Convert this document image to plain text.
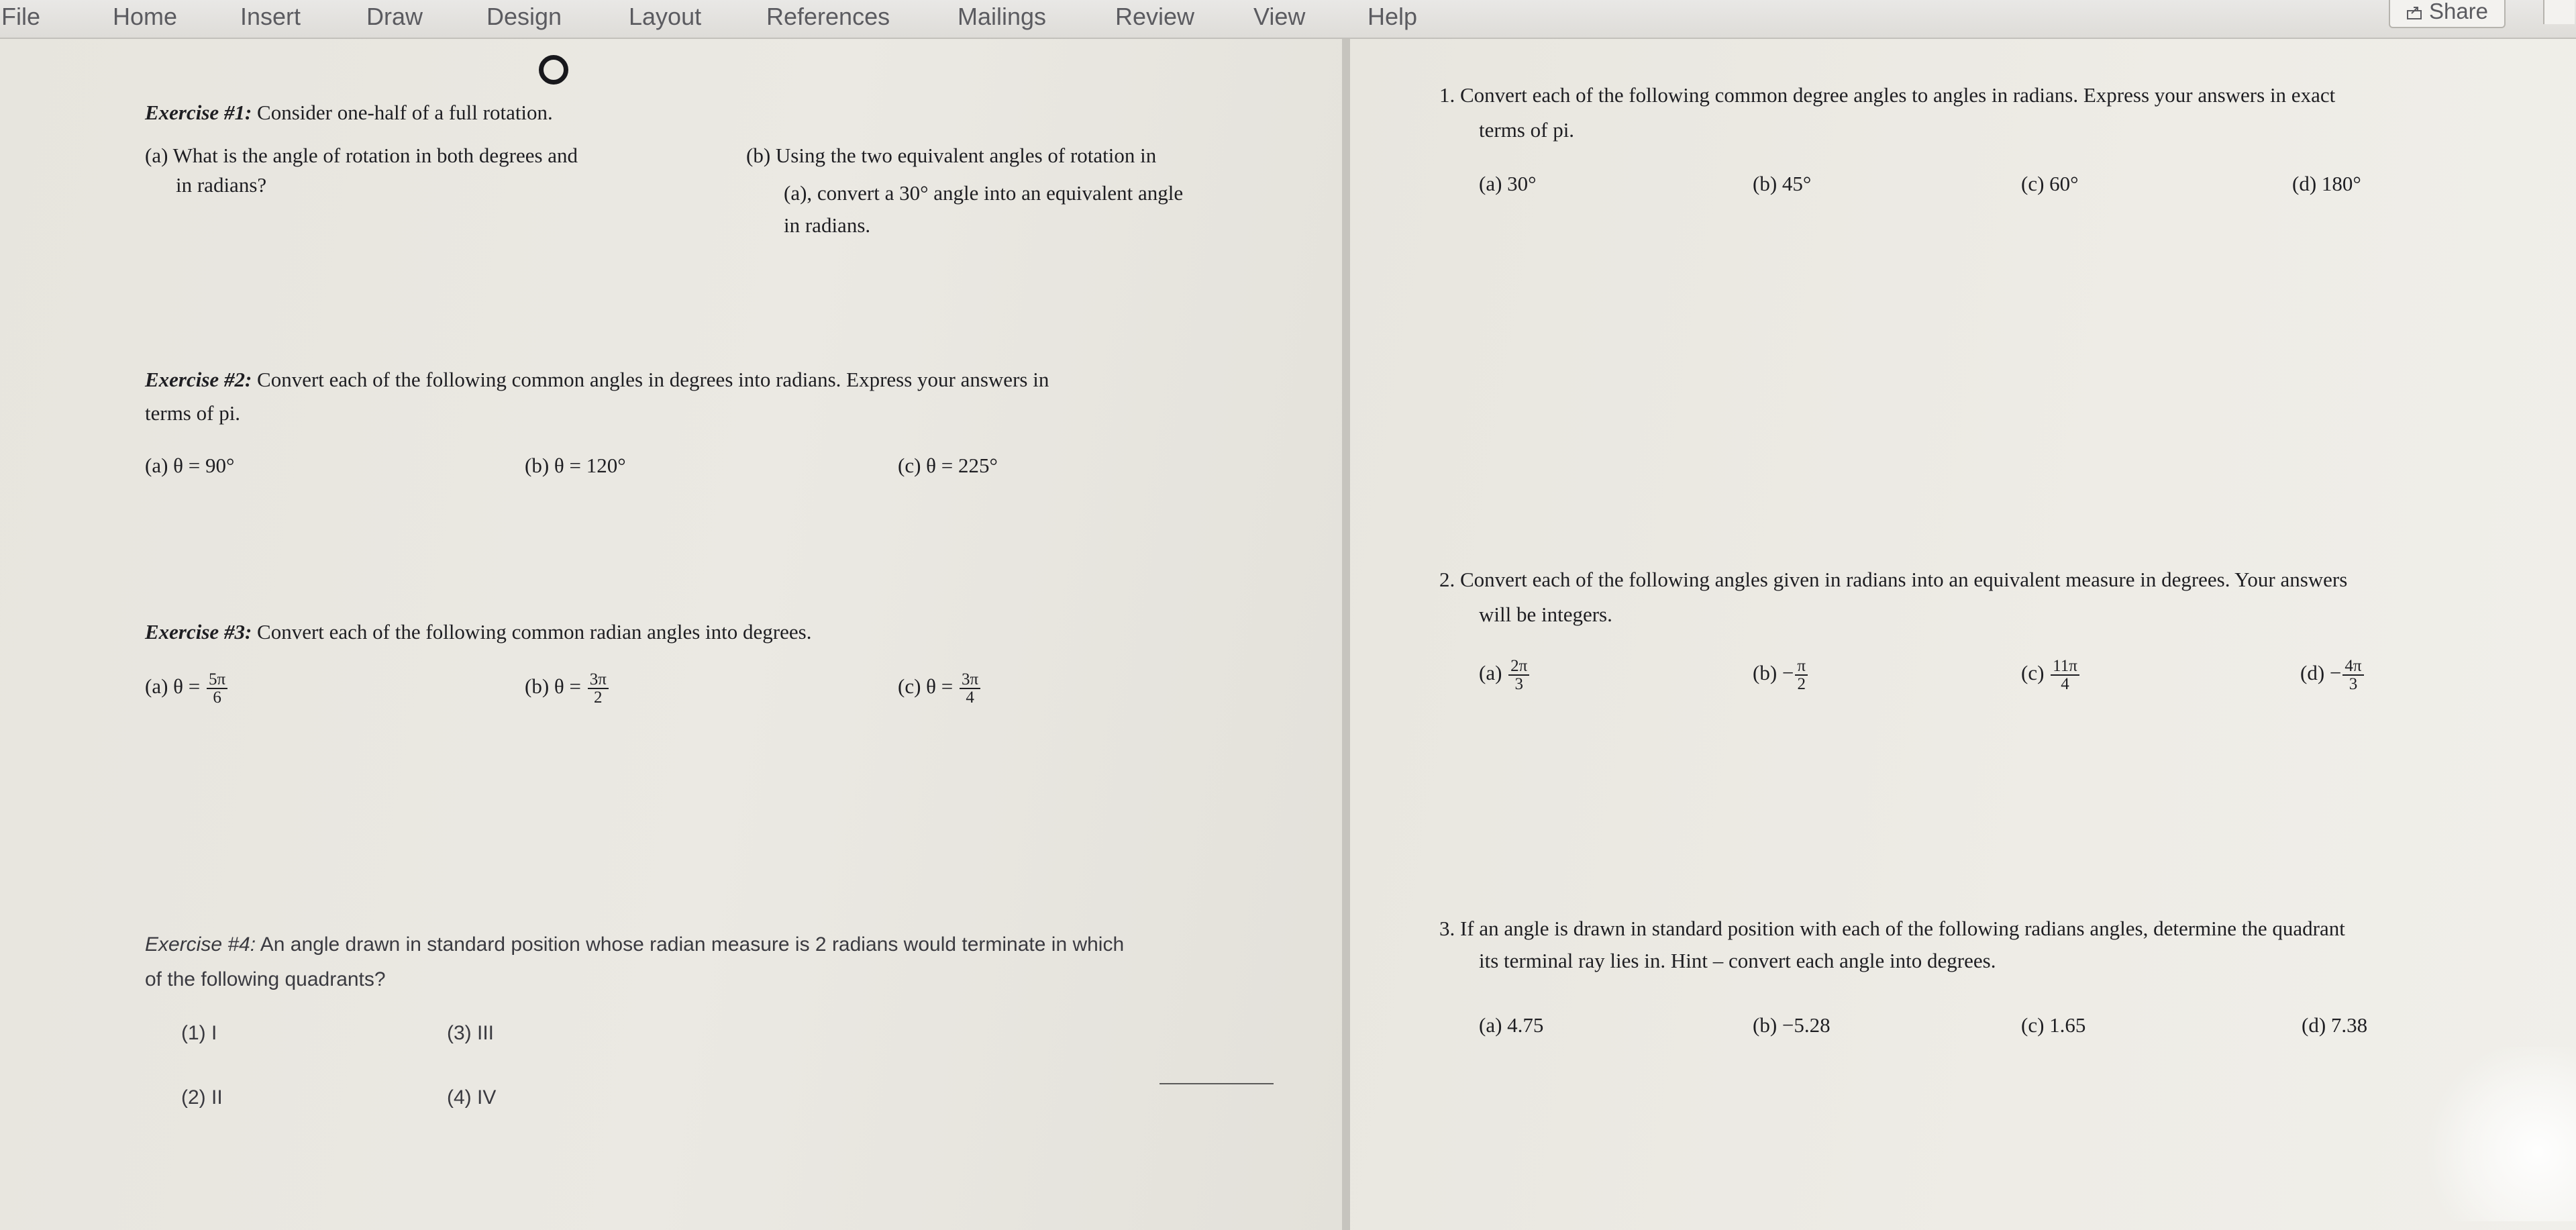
File	Home	Insert	Draw	Design	Layout	References	Mailings	Review View	Help	Share
Exercise #1: Consider one-half of a full rotation.
(a) What is the angle of rotation in both degrees and
in radians?
(b) Using the two equivalent angles of rotation in
(a), convert a 30° angle into an equivalent angle
in radians.
Exercise #2: Convert each of the following common angles in degrees into radians. Express your answers in
terms of pi.
(a) θ = 90°	(b) θ = 120°	(c) θ = 225°
Exercise #3: Convert each of the following common radian angles into degrees.
(a) $\theta = \frac{5\pi}{6}$	(b) $\theta = \frac{3\pi}{2}$	(c) $\theta = \frac{3\pi}{4}$
Exercise #4: An angle drawn in standard position whose radian measure is 2 radians would terminate in which
of the following quadrants?
(1) I	(3) III
(2) II	(4) IV
1. Convert each of the following common degree angles to angles in radians. Express your answers in exact
terms of pi.
(a) 30°	(b) 45°	(c) 60°	(d) 180°
2. Convert each of the following angles given in radians into an equivalent measure in degrees. Your answers
will be integers.
$(a) \frac{2\pi}{3}$	$(b) - \frac{\pi}{2}$	$(c) \frac{11\pi}{4}$	$(d) - \frac{4\pi}{3}$
3. If an angle is drawn in standard position with each of the following radians angles, determine the quadrant
its terminal ray lies in. Hint – convert each angle into degrees.
(a) 4.75	(b) −5.28	(c) 1.65	(d) 7.38
